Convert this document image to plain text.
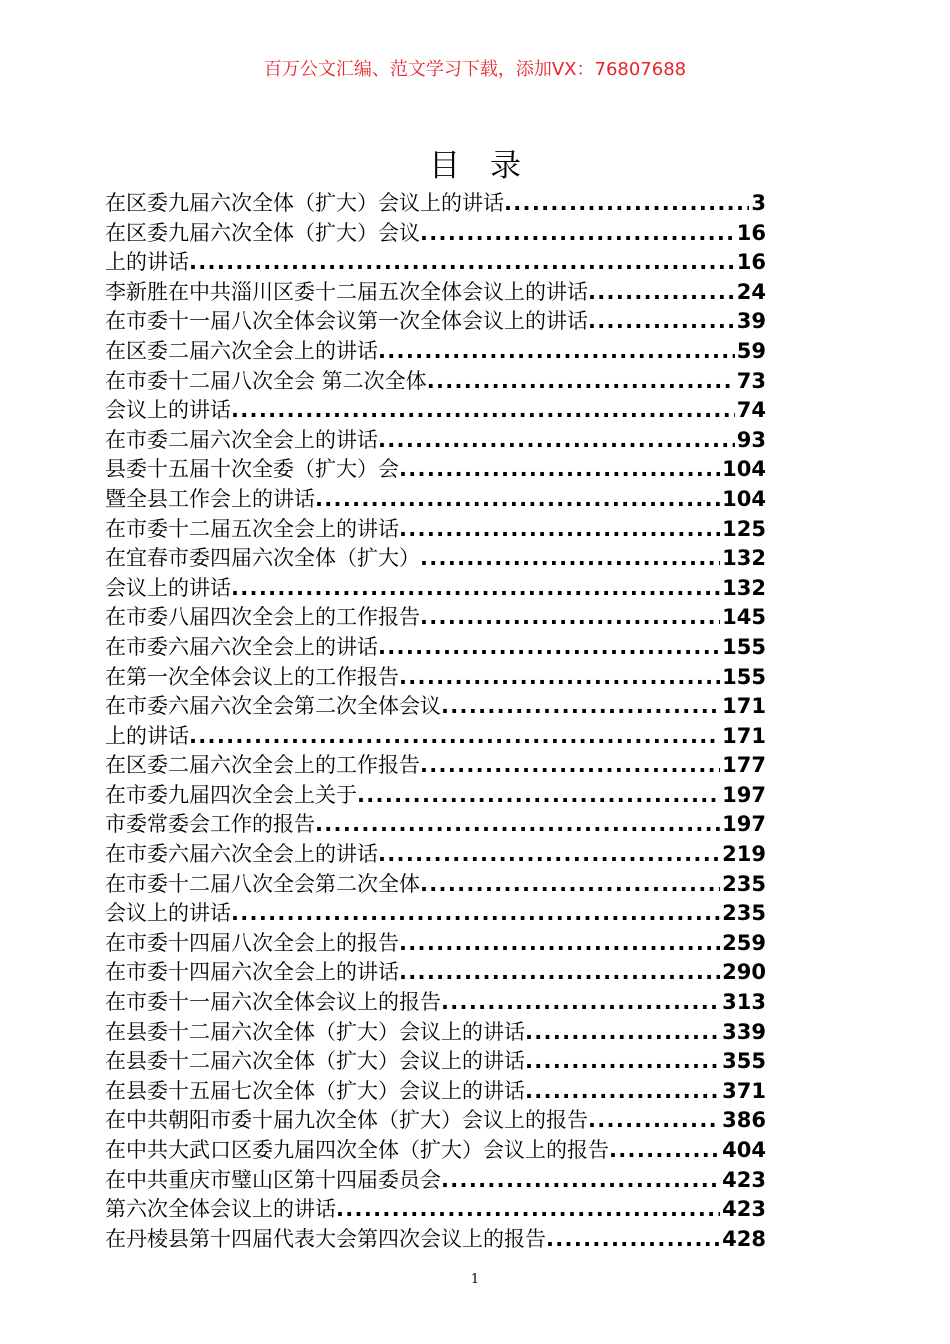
百万公文汇编、范文学习下载，添加VX：76807688
目录
在区委九届六次全体（扩大）会议上的讲话 .....	3
在区委九届六次全体（扩大）会议 .....	16
上的讲话 .....	16
李新胜在中共淄川区委十二届五次全体会议上的讲话 .....	24
在市委十一届八次全体会议第一次全体会议上的讲话 .....	39
在区委二届六次全会上的讲话 .....	59
在市委十二届八次全会 第二次全体 .....	73
会议上的讲话 .....	74
在市委二届六次全会上的讲话 .....	93
县委十五届十次全委（扩大）会 .....	104
暨全县工作会上的讲话 .....	104
在市委十二届五次全会上的讲话 .....	125
在宜春市委四届六次全体（扩大） .....	132
会议上的讲话 .....	132
在市委八届四次全会上的工作报告 .....	145
在市委六届六次全会上的讲话 .....	155
在第一次全体会议上的工作报告 .....	155
在市委六届六次全会第二次全体会议 .....	171
上的讲话 .....	171
在区委二届六次全会上的工作报告 .....	177
在市委九届四次全会上关于 .....	197
市委常委会工作的报告 .....	197
在市委六届六次全会上的讲话 .....	219
在市委十二届八次全会第二次全体 .....	235
会议上的讲话 .....	235
在市委十四届八次全会上的报告 .....	259
在市委十四届六次全会上的讲话 .....	290
在市委十一届六次全体会议上的报告 .....	313
在县委十二届六次全体（扩大）会议上的讲话 .....	339
在县委十二届六次全体（扩大）会议上的讲话 .....	355
在县委十五届七次全体（扩大）会议上的讲话 .....	371
在中共朝阳市委十届九次全体（扩大）会议上的报告 .....	386
在中共大武口区委九届四次全体（扩大）会议上的报告 .....	404
在中共重庆市璧山区第十四届委员会 .....	423
第六次全体会议上的讲话 .....	423
在丹棱县第十四届代表大会第四次会议上的报告 .....	428
1
